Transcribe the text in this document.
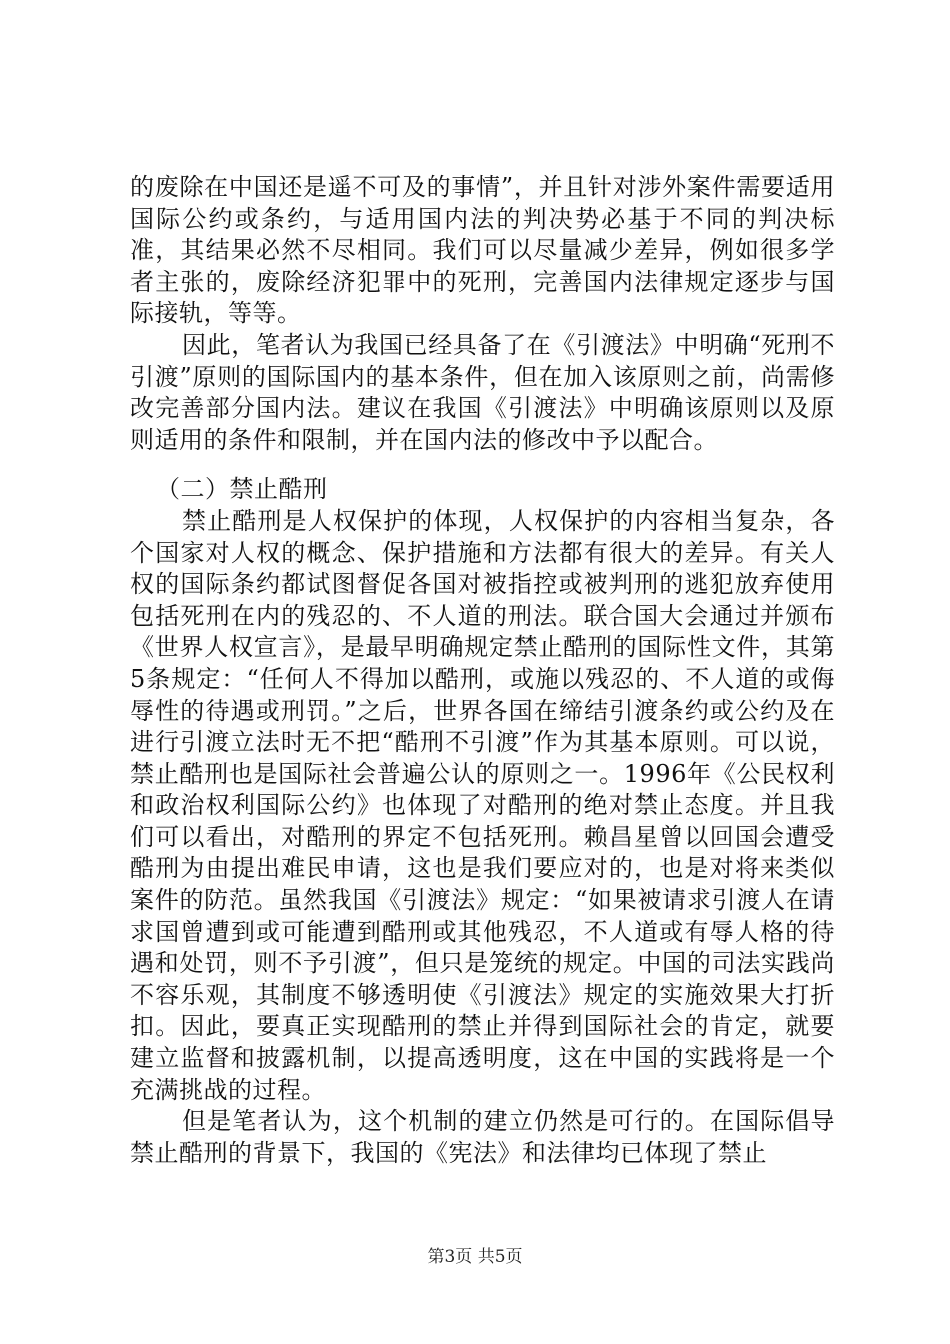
的废除在中国还是遥不可及的事情”，并且针对涉外案件需要适用国际公约或条约，与适用国内法的判决势必基于不同的判决标准，其结果必然不尽相同。我们可以尽量减少差异，例如很多学者主张的，废除经济犯罪中的死刑，完善国内法律规定逐步与国际接轨，等等。

因此，笔者认为我国已经具备了在《引渡法》中明确“死刑不引渡”原则的国际国内的基本条件，但在加入该原则之前，尚需修改完善部分国内法。建议在我国《引渡法》中明确该原则以及原则适用的条件和限制，并在国内法的修改中予以配合。

（二）禁止酷刑

禁止酷刑是人权保护的体现，人权保护的内容相当复杂，各个国家对人权的概念、保护措施和方法都有很大的差异。有关人权的国际条约都试图督促各国对被指控或被判刑的逃犯放弃使用包括死刑在内的残忍的、不人道的刑法。联合国大会通过并颁布《世界人权宣言》，是最早明确规定禁止酷刑的国际性文件，其第5条规定：“任何人不得加以酷刑，或施以残忍的、不人道的或侮辱性的待遇或刑罚。”之后，世界各国在缔结引渡条约或公约及在进行引渡立法时无不把“酷刑不引渡”作为其基本原则。可以说，禁止酷刑也是国际社会普遍公认的原则之一。1996年《公民权利和政治权利国际公约》也体现了对酷刑的绝对禁止态度。并且我们可以看出，对酷刑的界定不包括死刑。赖昌星曾以回国会遭受酷刑为由提出难民申请，这也是我们要应对的，也是对将来类似案件的防范。虽然我国《引渡法》规定：“如果被请求引渡人在请求国曾遭到或可能遭到酷刑或其他残忍，不人道或有辱人格的待遇和处罚，则不予引渡”，但只是笼统的规定。中国的司法实践尚不容乐观，其制度不够透明使《引渡法》规定的实施效果大打折扣。因此，要真正实现酷刑的禁止并得到国际社会的肯定，就要建立监督和披露机制，以提高透明度，这在中国的实践将是一个充满挑战的过程。

但是笔者认为，这个机制的建立仍然是可行的。在国际倡导禁止酷刑的背景下，我国的《宪法》和法律均已体现了禁止

第3页 共5页
